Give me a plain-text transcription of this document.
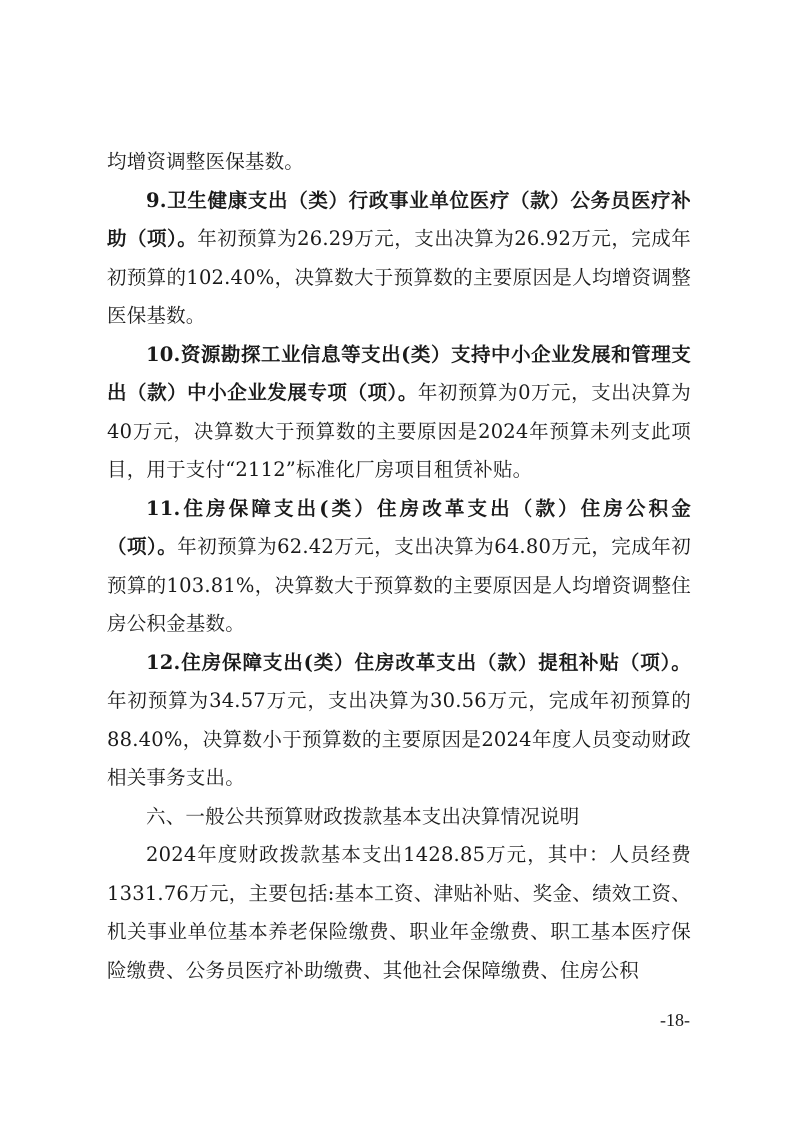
均增资调整医保基数。

9.卫生健康支出（类）行政事业单位医疗（款）公务员医疗补助（项）。年初预算为26.29万元，支出决算为26.92万元，完成年初预算的102.40%，决算数大于预算数的主要原因是人均增资调整医保基数。

10.资源勘探工业信息等支出(类）支持中小企业发展和管理支出（款）中小企业发展专项（项）。年初预算为0万元，支出决算为40万元，决算数大于预算数的主要原因是2024年预算未列支此项目，用于支付“2112”标准化厂房项目租赁补贴。

11.住房保障支出(类）住房改革支出（款）住房公积金（项）。年初预算为62.42万元，支出决算为64.80万元，完成年初预算的103.81%，决算数大于预算数的主要原因是人均增资调整住房公积金基数。

12.住房保障支出(类）住房改革支出（款）提租补贴（项）。年初预算为34.57万元，支出决算为30.56万元，完成年初预算的88.40%，决算数小于预算数的主要原因是2024年度人员变动财政相关事务支出。

六、一般公共预算财政拨款基本支出决算情况说明

2024年度财政拨款基本支出1428.85万元，其中：人员经费1331.76万元，主要包括:基本工资、津贴补贴、奖金、绩效工资、机关事业单位基本养老保险缴费、职业年金缴费、职工基本医疗保险缴费、公务员医疗补助缴费、其他社会保障缴费、住房公积

-18-
